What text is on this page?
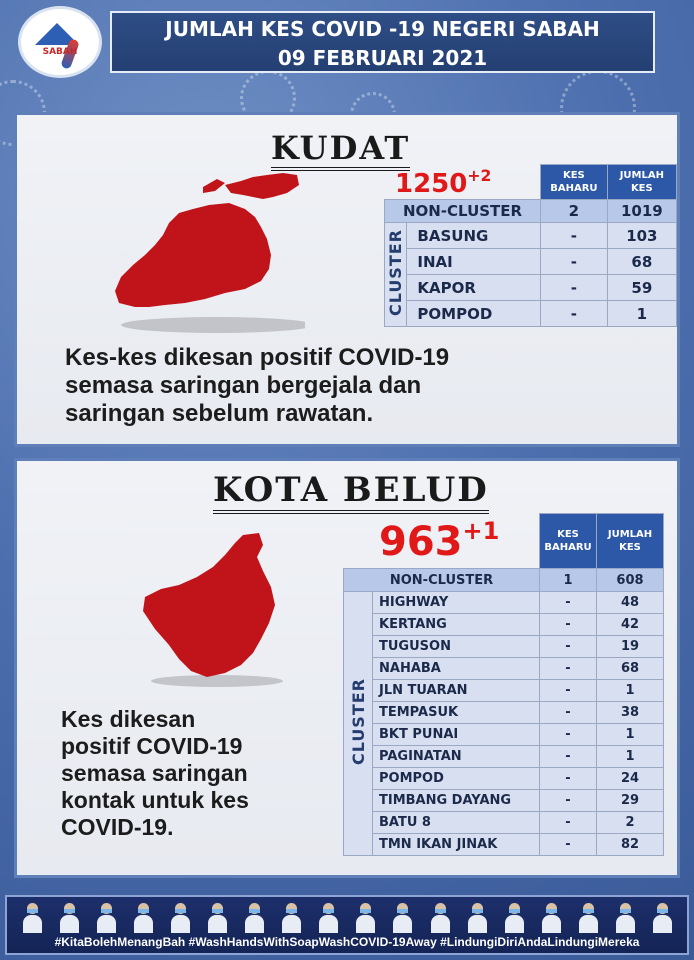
SABAH
JUMLAH KES COVID -19 NEGERI SABAH
09 FEBRUARI 2021
KUDAT
$1250^{+2}$
		KES BAHARU	JUMLAH KES
NON-CLUSTER		2	1019
CLUSTER	BASUNG	-	103
	INAI	-	68
	KAPOR	-	59
	POMPOD	-	1
Kes-kes dikesan positif COVID-19
semasa saringan bergejala dan
saringan sebelum rawatan.
KOTA BELUD
$963^{+1}$
		KES BAHARU	JUMLAH KES
NON-CLUSTER		1	608
CLUSTER	HIGHWAY	-	48
	KERTANG	-	42
	TUGUSON	-	19
	NAHABA	-	68
	JLN TUARAN	-	1
	TEMPASUK	-	38
	BKT PUNAI	-	1
	PAGINATAN	-	1
	POMPOD	-	24
	TIMBANG DAYANG	-	29
	BATU 8	-	2
	TMN IKAN JINAK	-	82
Kes dikesan
positif COVID-19
semasa saringan
kontak untuk kes
COVID-19.
#KitaBolehMenangBah #WashHandsWithSoapWashCOVID-19Away #LindungiDiriAndaLindungiMereka
